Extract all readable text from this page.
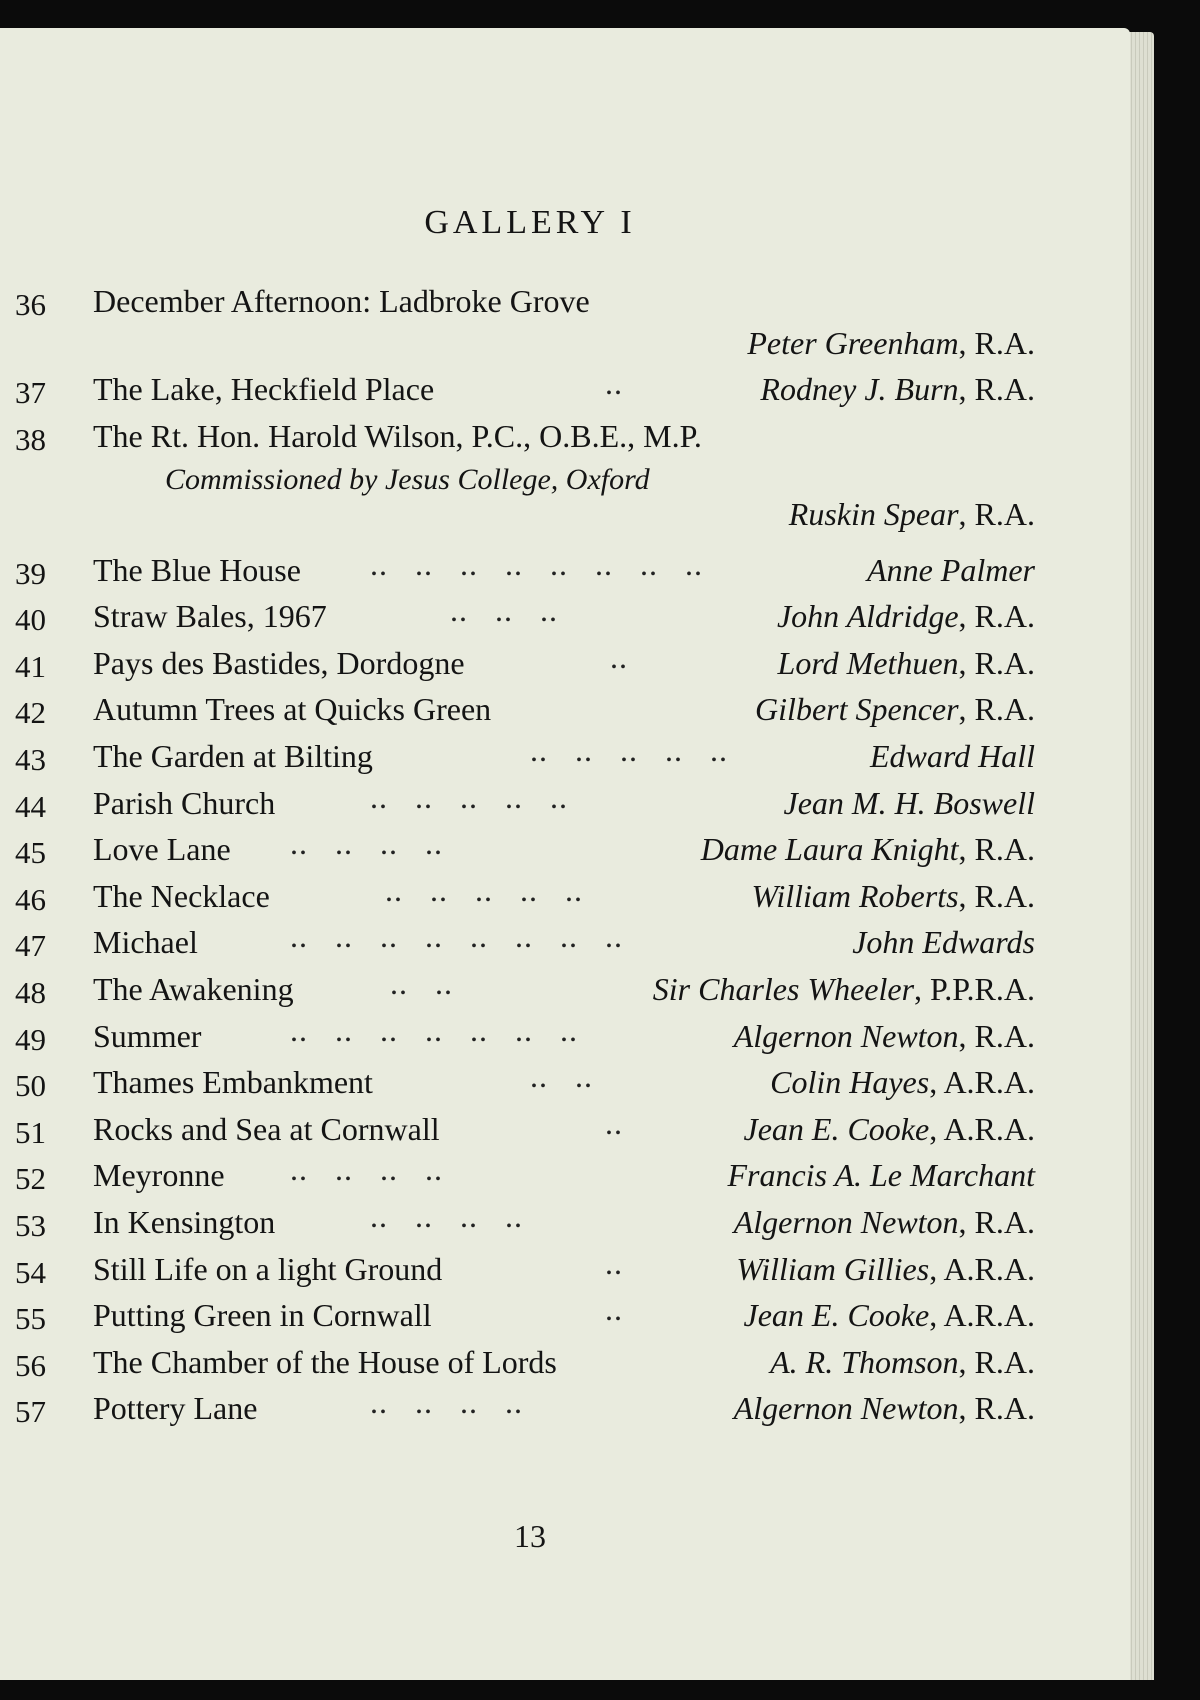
GALLERY I
36 December Afternoon: Ladbroke Grove
Peter Greenham, R.A.
37 The Lake, Heckfield Place	..	Rodney J. Burn, R.A.
38 The Rt. Hon. Harold Wilson, P.C., O.B.E., M.P.
Commissioned by Jesus College, Oxford
Ruskin Spear, R.A.
39 The Blue House ..   ..   ..   ..   ..   ..   ..   ..	Anne Palmer
40 Straw Bales, 1967	..   ..   ..	John Aldridge, R.A.
41 Pays des Bastides, Dordogne	..	Lord Methuen, R.A.
42 Autumn Trees at Quicks Green	Gilbert Spencer, R.A.
43 The Garden at Bilting	..   ..   ..   ..   ..	Edward Hall
44 Parish Church	..   ..   ..   ..   ..	Jean M. H. Boswell
45 Love Lane ..   ..   ..   ..	Dame Laura Knight, R.A.
46 The Necklace	..   ..   ..   ..   ..	William Roberts, R.A.
47 Michael	..   ..   ..   ..   ..   ..   ..   ..	John Edwards
48 The Awakening	..   ..	Sir Charles Wheeler, P.P.R.A.
49 Summer	..   ..   ..   ..   ..   ..   ..	Algernon Newton, R.A.
50 Thames Embankment	..   ..	Colin Hayes, A.R.A.
51 Rocks and Sea at Cornwall	..	Jean E. Cooke, A.R.A.
52 Meyronne ..   ..   ..   ..	Francis A. Le Marchant
53 In Kensington	..   ..   ..   ..	Algernon Newton, R.A.
54 Still Life on a light Ground	..	William Gillies, A.R.A.
55 Putting Green in Cornwall	..	Jean E. Cooke, A.R.A.
56 The Chamber of the House of Lords	A. R. Thomson, R.A.
57 Pottery Lane	..   ..   ..   ..	Algernon Newton, R.A.
13
